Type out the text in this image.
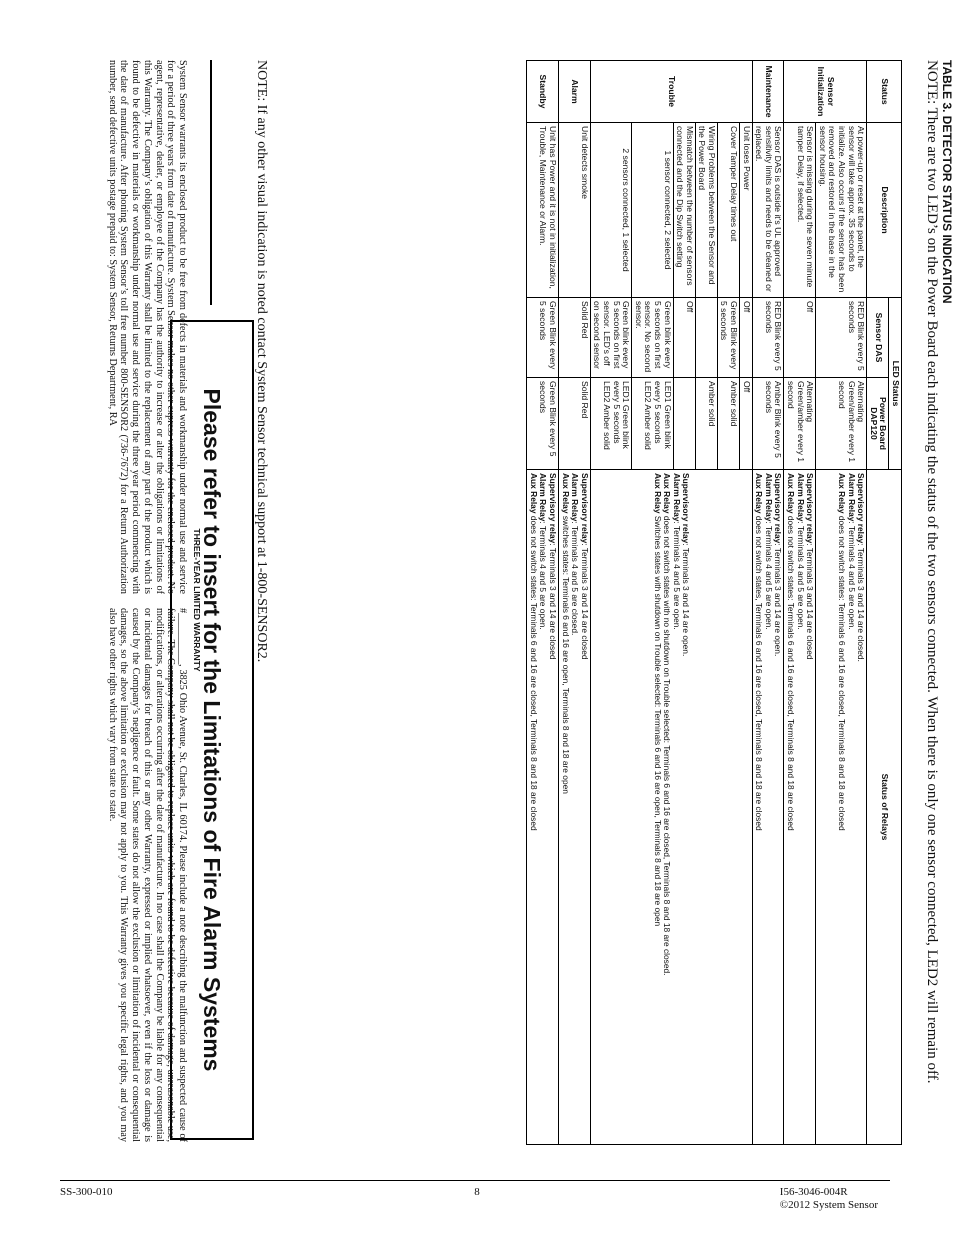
TABLE 3. DETECTOR STATUS INDICATION
NOTE: There are two LED’s on the Power Board each indicating the status of the two sensors connected. When there is only one sensor connected, LED2 will remain off.
Status	Description	LED Status		Status of Relays
		Sensor DAS	Power Board DAP120	
Sensor Initialization	At power-up or reset at the panel, the sensor will take approx. 35 seconds to initialize. Also occurs if the sensor has been removed and restored in the base in the sensor housing.	RED Blink every 5 seconds	Alternating Green/amber every 1 second	Supervisory relay: Terminals 3 and 14 are closed.
Alarm Relay: Terminals 4 and 5 are open.
Aux Relay does not switch states: Terminals 6 and 16 are closed, Terminals 8 and 18 are closed
	Sensor is missing during the seven minute tamper Delay, if selected.	Off	Alternating Green/amber every 1 second	Supervisory relay: Terminals 3 and 14 are closed
Alarm Relay: Terminals 4 and 5 are open.
Aux Relay does not switch states: Terminals 6 and 16 are closed, Terminals 8 and 18 are closed
Maintenance	Sensor DAS is outside it’s UL approved sensitivity limits and needs to be cleaned or replaced.	RED Blink every 5 seconds	Amber Blink every 5 seconds	Supervisory relay: Terminals 3 and 14 are open.
Alarm Relay: Terminals 4 and 5 are open.
Aux Relay does not switch states, Terminals 6 and 16 are closed, Terminals 8 and 18 are closed
Trouble	Unit loses Power	Off	Off	Supervisory relay: Terminals 3 and 14 are open.
Alarm Relay: Terminals 4 and 5 are open.
Aux Relay does not switch states with no shutdown on Trouble selected: Terminals 6 and 16 are closed, Terminals 8 and 18 are closed.
Aux Relay Switches states with shutdown on Trouble selected: Terminals 6 and 16 are open, Terminals 8 and 18 are open
	Cover Tamper Delay times out	Green Blink every 5 seconds	Amber solid	
	Wiring Problems between the Sensor and the Power Board		Amber solid	
	Mismatch between the number of sensors connected and the Dip Switch setting	Off		
	1 sensor connected, 2 selected	Green blink every 5 seconds on first sensor. No second sensor.	LED1 Green blink every 5 seconds LED2 Amber solid	
	2 sensors connected, 1 selected	Green blink every 5 seconds on first sensor. LED’s off on second sensor	LED1 Green blink every 5 seconds LED2 Amber solid	
Alarm	Unit detects smoke	Solid Red	Solid Red	Supervisory relay: Terminals 3 and 14 are closed
Alarm Relay: Terminals 4 and 5 are closed.
Aux Relay switches states: Terminals 6 and 16 are open, Terminals 8 and 18 are open
Standby	Unit has Power and it is not in initialization, Trouble, Maintenance or Alarm.	Green Blink every 5 seconds	Green Blink every 5 seconds	Supervisory relay: Terminals 3 and 14 are closed
Alarm Relay: Terminals 4 and 5 are open.
Aux Relay does not switch states: Terminals 6 and 16 are closed, Terminals 8 and 18 are closed
NOTE: If any other visual indication is noted contact System Sensor technical support at 1-800-SENSOR2.
Please refer to insert for the Limitations of Fire Alarm Systems
THREE-YEAR LIMITED WARRANTY
System Sensor warrants its enclosed product to be free from defects in materials and workmanship under normal use and service for a period of three years from date of manufacture. System Sensor makes no other express warranty for the enclosed product. No agent, representative, dealer, or employee of the Company has the authority to increase or alter the obligations or limitations of this Warranty. The Company’s obligation of this Warranty shall be limited to the replacement of any part of the product which is found to be defective in materials or workmanship under normal use and service during the three year period commencing with the date of manufacture. After phoning System Sensor’s toll free number 800-SENSOR2 (736-7672) for a Return Authorization number, send defective units postage prepaid to: System Sensor, Returns Department, RA
#__________, 3825 Ohio Avenue, St. Charles, IL 60174. Please include a note describing the malfunction and suspected cause of failure. The Company shall not be obligated to replace units which are found to be defective because of damage, unreasonable use, modifications, or alterations occurring after the date of manufacture. In no case shall the Company be liable for any consequential or incidental damages for breach of this or any other Warranty, expressed or implied whatsoever, even if the loss or damage is caused by the Company’s negligence or fault. Some states do not allow the exclusion or limitation of incidental or consequential damages, so the above limitation or exclusion may not apply to you. This Warranty gives you specific legal rights, and you may also have other rights which vary from state to state.
SS-300-010	8	I56-3046-004R
©2012 System Sensor
